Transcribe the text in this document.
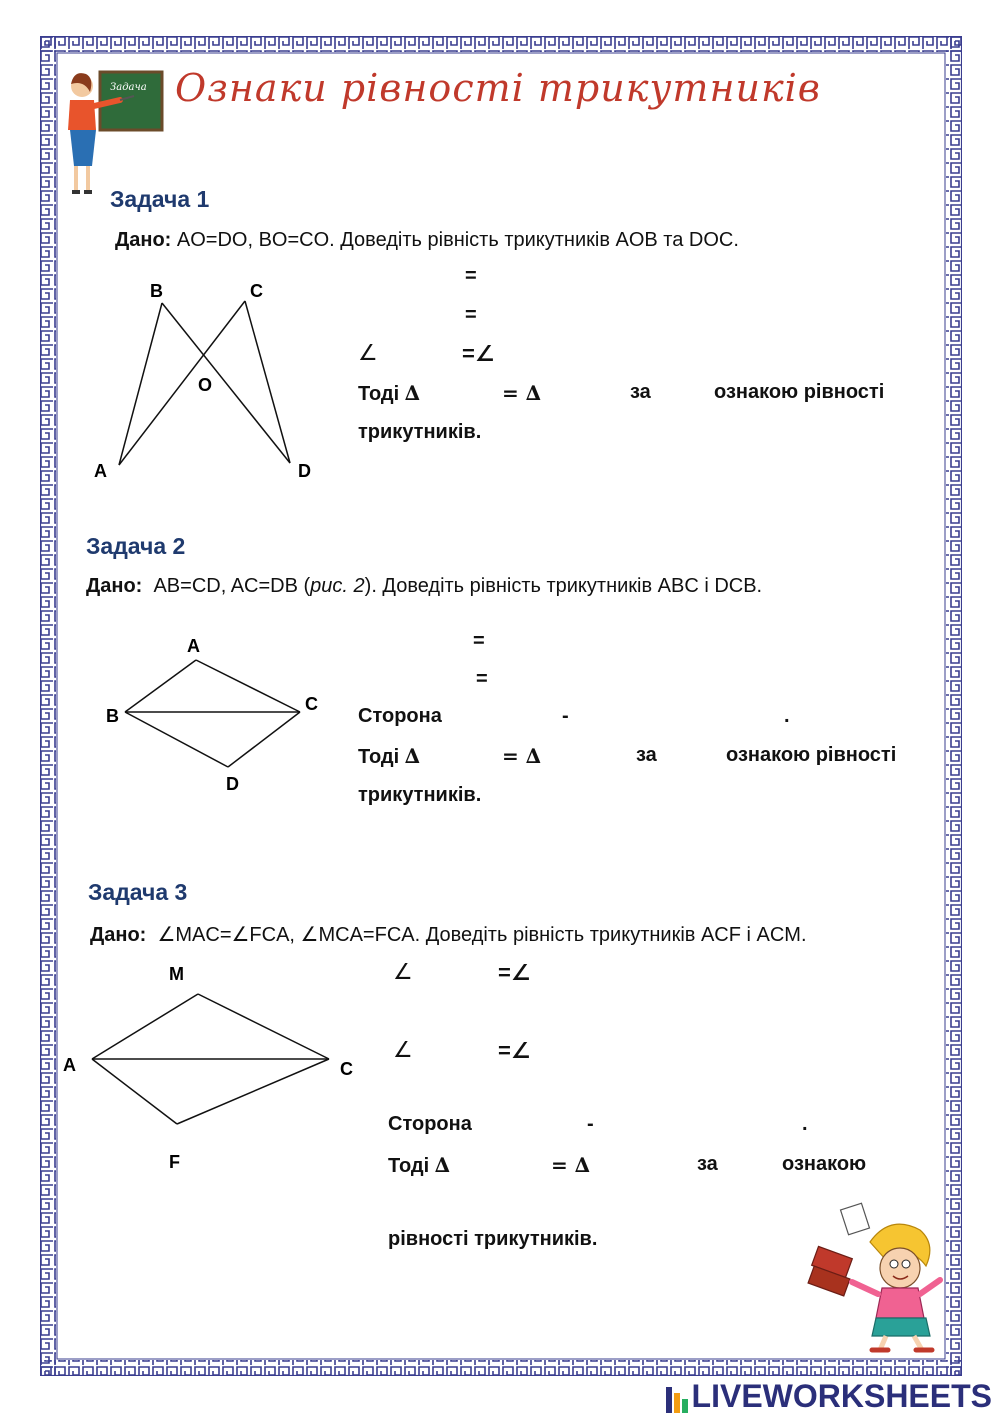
Задача Ознаки рівності трикутників
Задача 1
Дано: AO=DO, BO=CO. Доведіть рівність трикутників AOB та DOC.
B	C
O
A	D
=
=
∠	=∠
Тоді ∆	= ∆	за	ознакою рівності
трикутників.
Задача 2
Дано: AB=CD, AC=DB (рис. 2). Доведіть рівність трикутників ABC і DCB.
A
B
C
D
=
=
Сторона	-	.
Тоді ∆	= ∆	за	ознакою рівності
трикутників.
Задача 3
Дано: ∠MAC=∠FCA, ∠MCA=FCA. Доведіть рівність трикутників ACF і ACM.
M
A	C
F
∠	=∠
∠	=∠
Сторона	-	.
Тоді ∆	= ∆	за	ознакою
рівності трикутників.
LIVEWORKSHEETS
